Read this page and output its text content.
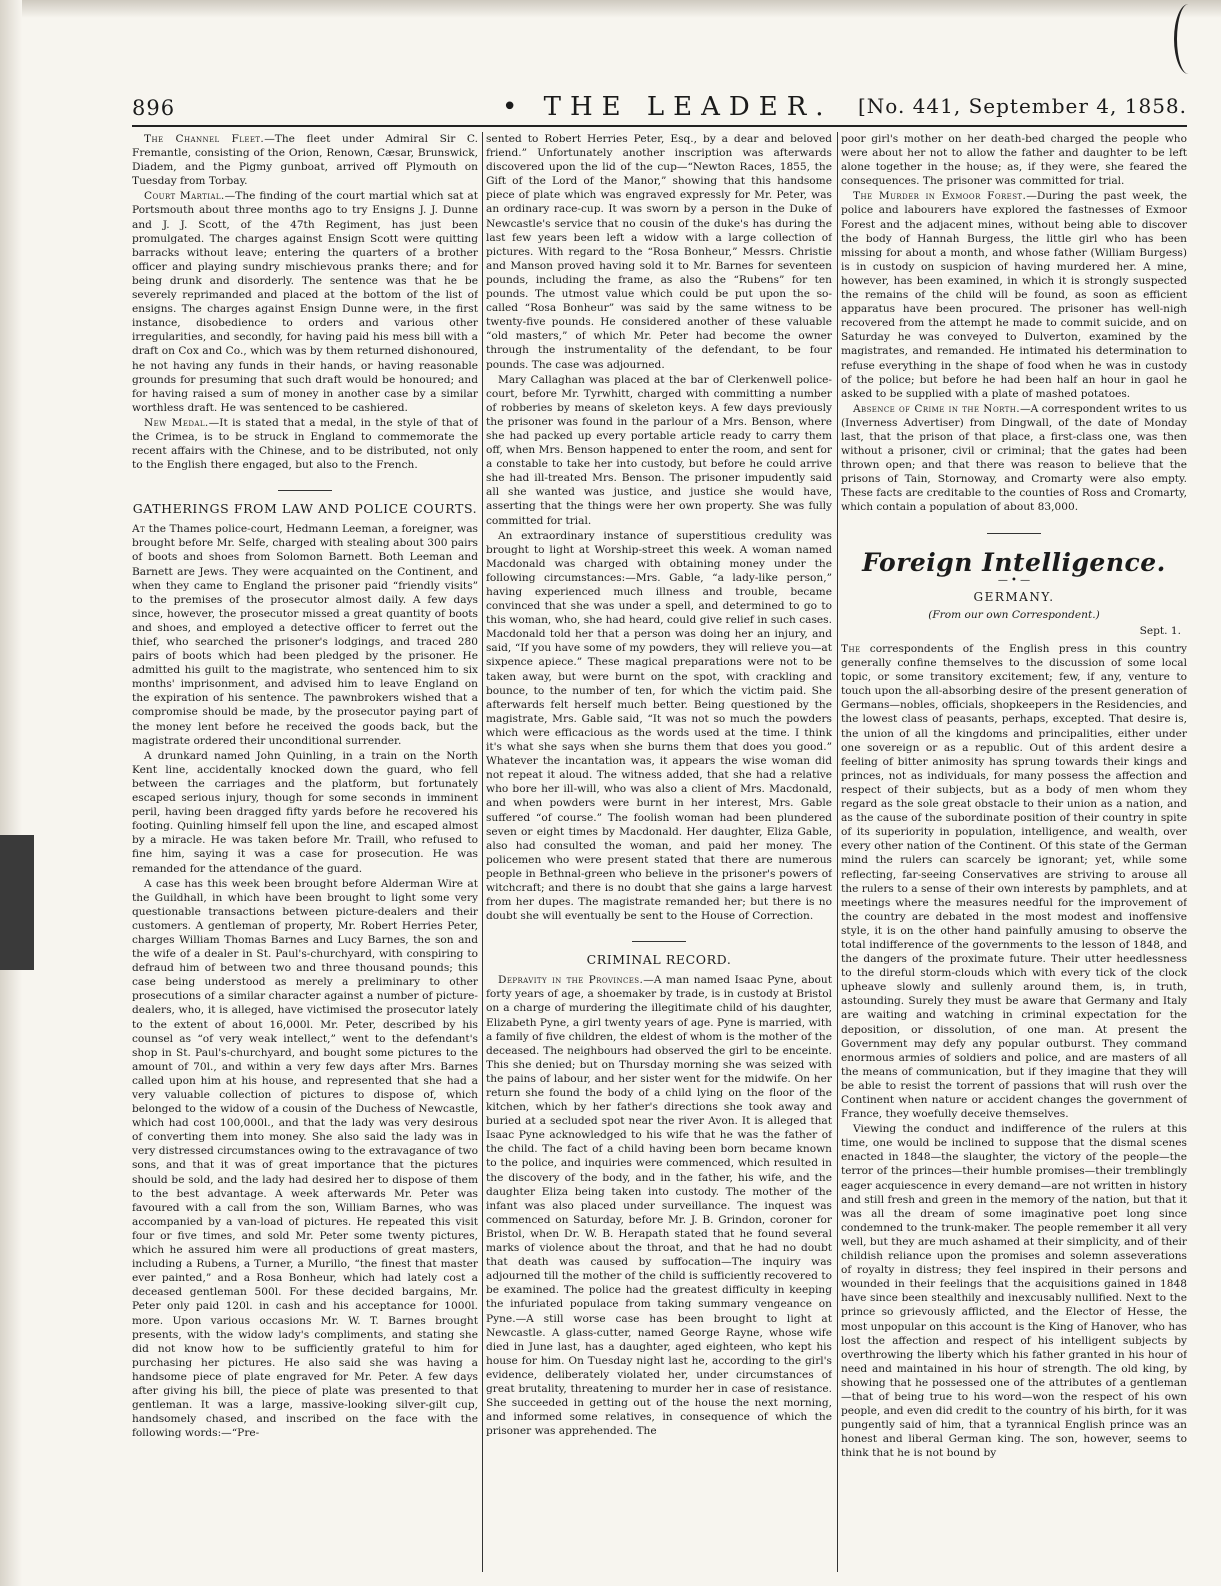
896	• THE LEADER. [No. 441, September 4, 1858.

The Channel Fleet.—The fleet under Admiral Sir C. Fremantle, consisting of the Orion, Renown, Cæsar, Brunswick, Diadem, and the Pigmy gunboat, arrived off Plymouth on Tuesday from Torbay.

Court Martial.—The finding of the court martial which sat at Portsmouth about three months ago to try Ensigns J. J. Dunne and J. J. Scott, of the 47th Regiment, has just been promulgated. The charges against Ensign Scott were quitting barracks without leave; entering the quarters of a brother officer and playing sundry mischievous pranks there; and for being drunk and disorderly. The sentence was that he be severely reprimanded and placed at the bottom of the list of ensigns. The charges against Ensign Dunne were, in the first instance, disobedience to orders and various other irregularities, and secondly, for having paid his mess bill with a draft on Cox and Co., which was by them returned dishonoured, he not having any funds in their hands, or having reasonable grounds for presuming that such draft would be honoured; and for having raised a sum of money in another case by a similar worthless draft. He was sentenced to be cashiered.

New Medal.—It is stated that a medal, in the style of that of the Crimea, is to be struck in England to commemorate the recent affairs with the Chinese, and to be distributed, not only to the English there engaged, but also to the French.

GATHERINGS FROM LAW AND POLICE COURTS.

At the Thames police-court, Hedmann Leeman, a foreigner, was brought before Mr. Selfe, charged with stealing about 300 pairs of boots and shoes from Solomon Barnett. Both Leeman and Barnett are Jews. They were acquainted on the Continent, and when they came to England the prisoner paid “friendly visits” to the premises of the prosecutor almost daily. A few days since, however, the prosecutor missed a great quantity of boots and shoes, and employed a detective officer to ferret out the thief, who searched the prisoner's lodgings, and traced 280 pairs of boots which had been pledged by the prisoner. He admitted his guilt to the magistrate, who sentenced him to six months' imprisonment, and advised him to leave England on the expiration of his sentence. The pawnbrokers wished that a compromise should be made, by the prosecutor paying part of the money lent before he received the goods back, but the magistrate ordered their unconditional surrender.

A drunkard named John Quinling, in a train on the North Kent line, accidentally knocked down the guard, who fell between the carriages and the platform, but fortunately escaped serious injury, though for some seconds in imminent peril, having been dragged fifty yards before he recovered his footing. Quinling himself fell upon the line, and escaped almost by a miracle. He was taken before Mr. Traill, who refused to fine him, saying it was a case for prosecution. He was remanded for the attendance of the guard.

A case has this week been brought before Alderman Wire at the Guildhall, in which have been brought to light some very questionable transactions between picture-dealers and their customers. A gentleman of property, Mr. Robert Herries Peter, charges William Thomas Barnes and Lucy Barnes, the son and the wife of a dealer in St. Paul's-churchyard, with conspiring to defraud him of between two and three thousand pounds; this case being understood as merely a preliminary to other prosecutions of a similar character against a number of picture-dealers, who, it is alleged, have victimised the prosecutor lately to the extent of about 16,000l. Mr. Peter, described by his counsel as “of very weak intellect,” went to the defendant's shop in St. Paul's-churchyard, and bought some pictures to the amount of 70l., and within a very few days after Mrs. Barnes called upon him at his house, and represented that she had a very valuable collection of pictures to dispose of, which belonged to the widow of a cousin of the Duchess of Newcastle, which had cost 100,000l., and that the lady was very desirous of converting them into money. She also said the lady was in very distressed circumstances owing to the extravagance of two sons, and that it was of great importance that the pictures should be sold, and the lady had desired her to dispose of them to the best advantage. A week afterwards Mr. Peter was favoured with a call from the son, William Barnes, who was accompanied by a van-load of pictures. He repeated this visit four or five times, and sold Mr. Peter some twenty pictures, which he assured him were all productions of great masters, including a Rubens, a Turner, a Murillo, “the finest that master ever painted,” and a Rosa Bonheur, which had lately cost a deceased gentleman 500l. For these decided bargains, Mr. Peter only paid 120l. in cash and his acceptance for 1000l. more. Upon various occasions Mr. W. T. Barnes brought presents, with the widow lady's compliments, and stating she did not know how to be sufficiently grateful to him for purchasing her pictures. He also said she was having a handsome piece of plate engraved for Mr. Peter. A few days after giving his bill, the piece of plate was presented to that gentleman. It was a large, massive-looking silver-gilt cup, handsomely chased, and inscribed on the face with the following words:—“Pre-

sented to Robert Herries Peter, Esq., by a dear and beloved friend.” Unfortunately another inscription was afterwards discovered upon the lid of the cup—“Newton Races, 1855, the Gift of the Lord of the Manor,” showing that this handsome piece of plate which was engraved expressly for Mr. Peter, was an ordinary race-cup. It was sworn by a person in the Duke of Newcastle's service that no cousin of the duke's has during the last few years been left a widow with a large collection of pictures. With regard to the “Rosa Bonheur,” Messrs. Christie and Manson proved having sold it to Mr. Barnes for seventeen pounds, including the frame, as also the “Rubens” for ten pounds. The utmost value which could be put upon the so-called “Rosa Bonheur” was said by the same witness to be twenty-five pounds. He considered another of these valuable “old masters,” of which Mr. Peter had become the owner through the instrumentality of the defendant, to be four pounds. The case was adjourned.

Mary Callaghan was placed at the bar of Clerkenwell police-court, before Mr. Tyrwhitt, charged with committing a number of robberies by means of skeleton keys. A few days previously the prisoner was found in the parlour of a Mrs. Benson, where she had packed up every portable article ready to carry them off, when Mrs. Benson happened to enter the room, and sent for a constable to take her into custody, but before he could arrive she had ill-treated Mrs. Benson. The prisoner impudently said all she wanted was justice, and justice she would have, asserting that the things were her own property. She was fully committed for trial.

An extraordinary instance of superstitious credulity was brought to light at Worship-street this week. A woman named Macdonald was charged with obtaining money under the following circumstances:—Mrs. Gable, “a lady-like person,” having experienced much illness and trouble, became convinced that she was under a spell, and determined to go to this woman, who, she had heard, could give relief in such cases. Macdonald told her that a person was doing her an injury, and said, “If you have some of my powders, they will relieve you—at sixpence apiece.” These magical preparations were not to be taken away, but were burnt on the spot, with crackling and bounce, to the number of ten, for which the victim paid. She afterwards felt herself much better. Being questioned by the magistrate, Mrs. Gable said, “It was not so much the powders which were efficacious as the words used at the time. I think it's what she says when she burns them that does you good.” Whatever the incantation was, it appears the wise woman did not repeat it aloud. The witness added, that she had a relative who bore her ill-will, who was also a client of Mrs. Macdonald, and when powders were burnt in her interest, Mrs. Gable suffered “of course.” The foolish woman had been plundered seven or eight times by Macdonald. Her daughter, Eliza Gable, also had consulted the woman, and paid her money. The policemen who were present stated that there are numerous people in Bethnal-green who believe in the prisoner's powers of witchcraft; and there is no doubt that she gains a large harvest from her dupes. The magistrate remanded her; but there is no doubt she will eventually be sent to the House of Correction.

CRIMINAL RECORD.

Depravity in the Provinces.—A man named Isaac Pyne, about forty years of age, a shoemaker by trade, is in custody at Bristol on a charge of murdering the illegitimate child of his daughter, Elizabeth Pyne, a girl twenty years of age. Pyne is married, with a family of five children, the eldest of whom is the mother of the deceased. The neighbours had observed the girl to be enceinte. This she denied; but on Thursday morning she was seized with the pains of labour, and her sister went for the midwife. On her return she found the body of a child lying on the floor of the kitchen, which by her father's directions she took away and buried at a secluded spot near the river Avon. It is alleged that Isaac Pyne acknowledged to his wife that he was the father of the child. The fact of a child having been born became known to the police, and inquiries were commenced, which resulted in the discovery of the body, and in the father, his wife, and the daughter Eliza being taken into custody. The mother of the infant was also placed under surveillance. The inquest was commenced on Saturday, before Mr. J. B. Grindon, coroner for Bristol, when Dr. W. B. Herapath stated that he found several marks of violence about the throat, and that he had no doubt that death was caused by suffocation—The inquiry was adjourned till the mother of the child is sufficiently recovered to be examined. The police had the greatest difficulty in keeping the infuriated populace from taking summary vengeance on Pyne.—A still worse case has been brought to light at Newcastle. A glass-cutter, named George Rayne, whose wife died in June last, has a daughter, aged eighteen, who kept his house for him. On Tuesday night last he, according to the girl's evidence, deliberately violated her, under circumstances of great brutality, threatening to murder her in case of resistance. She succeeded in getting out of the house the next morning, and informed some relatives, in consequence of which the prisoner was apprehended. The

poor girl's mother on her death-bed charged the people who were about her not to allow the father and daughter to be left alone together in the house; as, if they were, she feared the consequences. The prisoner was committed for trial.

The Murder in Exmoor Forest.—During the past week, the police and labourers have explored the fastnesses of Exmoor Forest and the adjacent mines, without being able to discover the body of Hannah Burgess, the little girl who has been missing for about a month, and whose father (William Burgess) is in custody on suspicion of having murdered her. A mine, however, has been examined, in which it is strongly suspected the remains of the child will be found, as soon as efficient apparatus have been procured. The prisoner has well-nigh recovered from the attempt he made to commit suicide, and on Saturday he was conveyed to Dulverton, examined by the magistrates, and remanded. He intimated his determination to refuse everything in the shape of food when he was in custody of the police; but before he had been half an hour in gaol he asked to be supplied with a plate of mashed potatoes.

Absence of Crime in the North.—A correspondent writes to us (Inverness Advertiser) from Dingwall, of the date of Monday last, that the prison of that place, a first-class one, was then without a prisoner, civil or criminal; that the gates had been thrown open; and that there was reason to believe that the prisons of Tain, Stornoway, and Cromarty were also empty. These facts are creditable to the counties of Ross and Cromarty, which contain a population of about 83,000.

Foreign Intelligence.
— • —
GERMANY.
(From our own Correspondent.)
Sept. 1.

The correspondents of the English press in this country generally confine themselves to the discussion of some local topic, or some transitory excitement; few, if any, venture to touch upon the all-absorbing desire of the present generation of Germans—nobles, officials, shopkeepers in the Residencies, and the lowest class of peasants, perhaps, excepted. That desire is, the union of all the kingdoms and principalities, either under one sovereign or as a republic. Out of this ardent desire a feeling of bitter animosity has sprung towards their kings and princes, not as individuals, for many possess the affection and respect of their subjects, but as a body of men whom they regard as the sole great obstacle to their union as a nation, and as the cause of the subordinate position of their country in spite of its superiority in population, intelligence, and wealth, over every other nation of the Continent. Of this state of the German mind the rulers can scarcely be ignorant; yet, while some reflecting, far-seeing Conservatives are striving to arouse all the rulers to a sense of their own interests by pamphlets, and at meetings where the measures needful for the improvement of the country are debated in the most modest and inoffensive style, it is on the other hand painfully amusing to observe the total indifference of the governments to the lesson of 1848, and the dangers of the proximate future. Their utter heedlessness to the direful storm-clouds which with every tick of the clock upheave slowly and sullenly around them, is, in truth, astounding. Surely they must be aware that Germany and Italy are waiting and watching in criminal expectation for the deposition, or dissolution, of one man. At present the Government may defy any popular outburst. They command enormous armies of soldiers and police, and are masters of all the means of communication, but if they imagine that they will be able to resist the torrent of passions that will rush over the Continent when nature or accident changes the government of France, they woefully deceive themselves.

Viewing the conduct and indifference of the rulers at this time, one would be inclined to suppose that the dismal scenes enacted in 1848—the slaughter, the victory of the people—the terror of the princes—their humble promises—their tremblingly eager acquiescence in every demand—are not written in history and still fresh and green in the memory of the nation, but that it was all the dream of some imaginative poet long since condemned to the trunk-maker. The people remember it all very well, but they are much ashamed at their simplicity, and of their childish reliance upon the promises and solemn asseverations of royalty in distress; they feel inspired in their persons and wounded in their feelings that the acquisitions gained in 1848 have since been stealthily and inexcusably nullified. Next to the prince so grievously afflicted, and the Elector of Hesse, the most unpopular on this account is the King of Hanover, who has lost the affection and respect of his intelligent subjects by overthrowing the liberty which his father granted in his hour of need and maintained in his hour of strength. The old king, by showing that he possessed one of the attributes of a gentleman—that of being true to his word—won the respect of his own people, and even did credit to the country of his birth, for it was pungently said of him, that a tyrannical English prince was an honest and liberal German king. The son, however, seems to think that he is not bound by
